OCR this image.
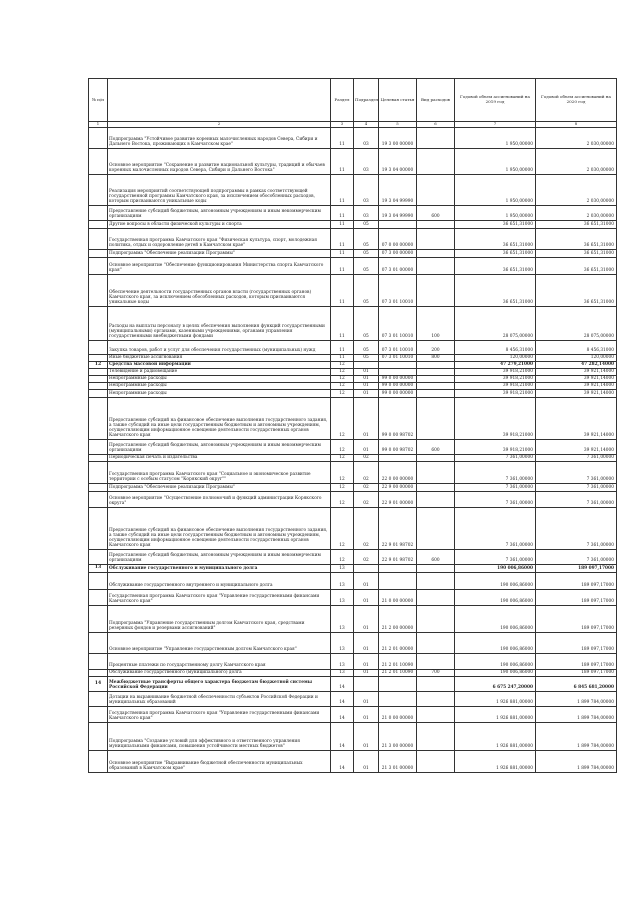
№ п/п		Раздел	Подраздел	Целевая статья	Вид расходов	Годовой объем ассигнований на 2019 год	Годовой объем ассигнований на 2020 год
1	2	3	4	5	6	7	8
	Подпрограмма "Устойчивое развитие коренных малочисленных народов Севера, Сибири и Дальнего Востока, проживающих в Камчатском крае"	11	03	19 3 00 00000		1 950,00000	2 030,00000
	Основное мероприятие "Сохранение и развитие национальной культуры, традиций и обычаев коренных малочисленных народов Севера, Сибири и Дальнего Востока"	11	03	19 3 04 00000		1 950,00000	2 030,00000
	Реализация мероприятий соответствующей подпрограммы в рамках соответствующей государственной программы Камчатского края, за исключением обособленных расходов, которым присваиваются уникальные коды	11	03	19 3 04 99990		1 950,00000	2 030,00000
	Предоставление субсидий бюджетным, автономным учреждениям и иным некоммерческим организациям	11	03	19 3 04 99990	600	1 950,00000	2 030,00000
	Другие вопросы в области физической культуры и спорта	11	05			36 651,31000	36 651,31000
	Государственная программа Камчатского края "Физическая культура, спорт, молодежная политика, отдых и оздоровление детей в Камчатском крае"	11	05	07 0 00 00000		36 651,31000	36 651,31000
	Подпрограмма "Обеспечение реализации Программы"	11	05	07 3 00 00000		36 651,31000	36 651,31000
	Основное мероприятие "Обеспечение функционирования Министерства спорта Камчатского края"	11	05	07 3 01 00000		36 651,31000	36 651,31000
	Обеспечение деятельности государственных органов власти (государственных органов) Камчатского края, за исключением обособленных расходов, которым присваиваются уникальные коды	11	05	07 3 01 10010		36 651,31000	36 651,31000
	Расходы на выплаты персоналу в целях обеспечения выполнения функций государственными (муниципальными) органами, казенными учреждениями, органами управления государственными внебюджетными фондами	11	05	07 3 01 10010	100	28 075,00000	28 075,00000
	Закупка товаров, работ и услуг для обеспечения государственных (муниципальных) нужд	11	05	07 3 01 10010	200	8 456,31000	8 456,31000
	Иные бюджетные ассигнования	11	05	07 3 01 10010	800	120,00000	120,00000
12	Средства массовой информации	12				47 279,21000	47 282,14000
	Телевидение и радиовещание	12	01			39 918,21000	39 921,14000
	Непрограммные расходы	12	01	99 0 00 00000		39 918,21000	39 921,14000
	Непрограммные расходы	12	01	99 0 00 00000		39 918,21000	39 921,14000
	Непрограммные расходы	12	01	99 0 00 00000		39 918,21000	39 921,14000
	Предоставление субсидий на финансовое обеспечение выполнения государственного задания, а также субсидий на иные цели государственным бюджетным и автономным учреждениям, осуществляющим информационное освещение деятельности государственных органов Камчатского края	12	01	99 0 00 98702		39 918,21000	39 921,14000
	Предоставление субсидий бюджетным, автономным учреждениям и иным некоммерческим организациям	12	01	99 0 00 98702	600	39 918,21000	39 921,14000
	Периодическая печать и издательства	12	02			7 361,00000	7 361,00000
	Государственная программа Камчатского края "Социальное и экономическое развитие территории с особым статусом "Корякский округ""	12	02	22 0 00 00000		7 361,00000	7 361,00000
	Подпрограмма "Обеспечение реализации Программы"	12	02	22 9 00 00000		7 361,00000	7 361,00000
	Основное мероприятие "Осуществление полномочий и функций администрации Корякского округа"	12	02	22 9 01 00000		7 361,00000	7 361,00000
	Предоставление субсидий на финансовое обеспечение выполнения государственного задания, а также субсидий на иные цели государственным бюджетным и автономным учреждениям, осуществляющим информационное освещение деятельности государственных органов Камчатского края	12	02	22 9 01 98702		7 361,00000	7 361,00000
	Предоставление субсидий бюджетным, автономным учреждениям и иным некоммерческим организациям	12	02	22 9 01 98702	600	7 361,00000	7 361,00000
13	Обслуживание государственного и муниципального долга	13				190 006,86000	189 097,17000
	Обслуживание государственного внутреннего и муниципального долга	13	01			190 006,86000	189 097,17000
	Государственная программа Камчатского края "Управление государственными финансами Камчатского края"	13	01	21 0 00 00000		190 006,86000	189 097,17000
	Подпрограмма "Управление государственным долгом Камчатского края, средствами резервных фондов и резервами ассигнований"	13	01	21 2 00 00000		190 006,86000	189 097,17000
	Основное мероприятие "Управление государственным долгом Камчатского края"	13	01	21 2 01 00000		190 006,86000	189 097,17000
	Процентные платежи по государственному долгу Камчатского края	13	01	21 2 01 10090		190 006,86000	189 097,17000
	Обслуживание государственного (муниципального) долга	13	01	21 2 01 10090	700	190 006,86000	189 097,17000
14	Межбюджетные трансферты общего характера бюджетам бюджетной системы Российской Федерации	14				6 675 247,20000	6 845 681,20000
	Дотации на выравнивание бюджетной обеспеченности субъектов Российской Федерации и муниципальных образований	14	01			1 926 881,00000	1 899 784,00000
	Государственная программа Камчатского края "Управление государственными финансами Камчатского края"	14	01	21 0 00 00000		1 926 881,00000	1 899 784,00000
	Подпрограмма "Создание условий для эффективного и ответственного управления муниципальными финансами, повышения устойчивости местных бюджетов"	14	01	21 3 00 00000		1 926 881,00000	1 899 784,00000
	Основное мероприятие "Выравнивание бюджетной обеспеченности муниципальных образований в Камчатском крае"	14	01	21 3 01 00000		1 926 881,00000	1 899 784,00000
